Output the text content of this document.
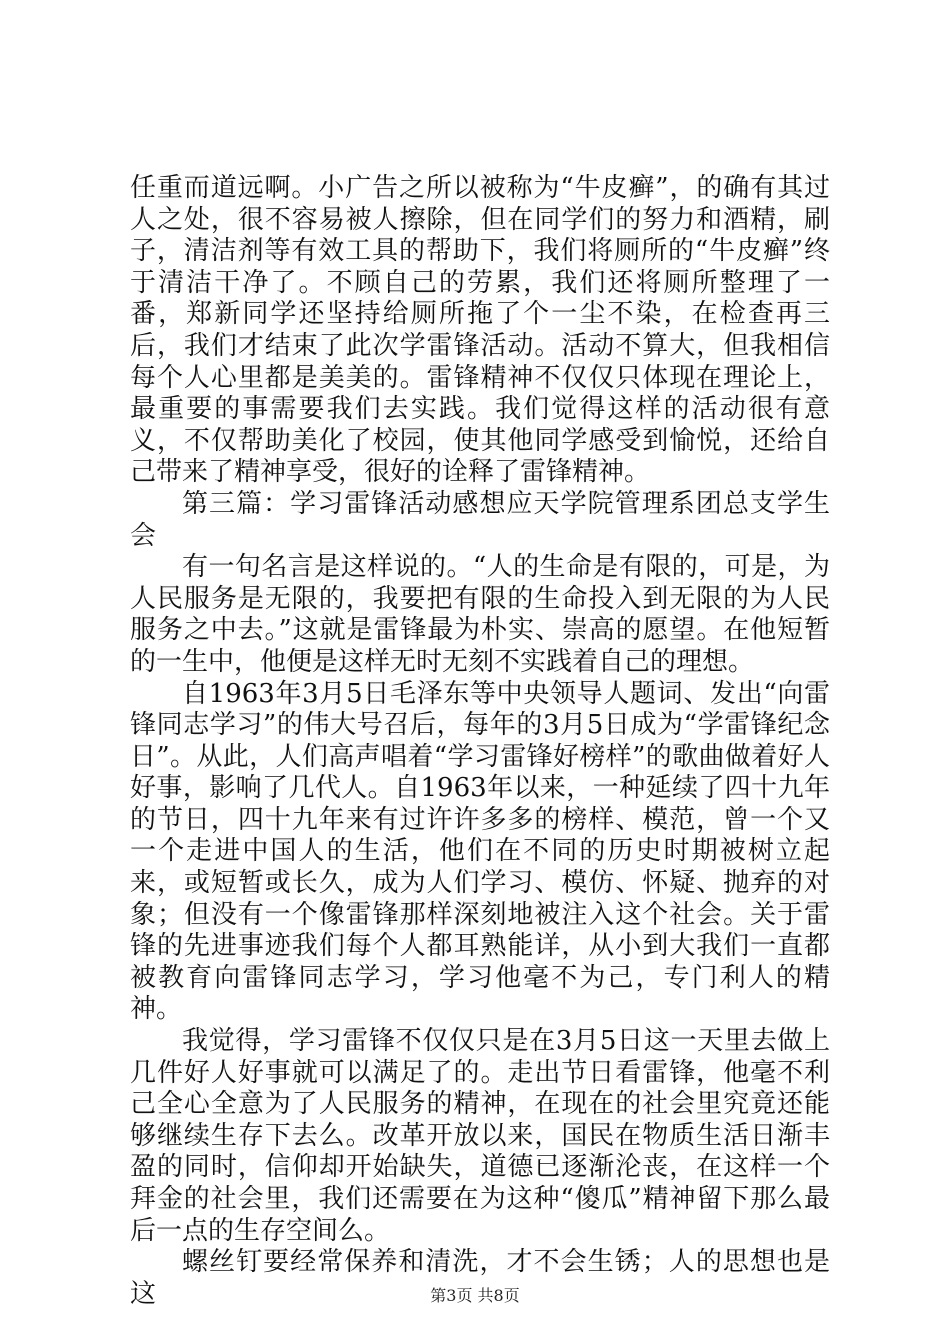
任重而道远啊。小广告之所以被称为“牛皮癣”，的确有其过人之处，很不容易被人擦除，但在同学们的努力和酒精，刷子，清洁剂等有效工具的帮助下，我们将厕所的“牛皮癣”终于清洁干净了。不顾自己的劳累，我们还将厕所整理了一番，郑新同学还坚持给厕所拖了个一尘不染，在检查再三后，我们才结束了此次学雷锋活动。活动不算大，但我相信每个人心里都是美美的。雷锋精神不仅仅只体现在理论上，最重要的事需要我们去实践。我们觉得这样的活动很有意义，不仅帮助美化了校园，使其他同学感受到愉悦，还给自己带来了精神享受，很好的诠释了雷锋精神。

第三篇：学习雷锋活动感想应天学院管理系团总支学生会

有一句名言是这样说的。“人的生命是有限的，可是，为人民服务是无限的，我要把有限的生命投入到无限的为人民服务之中去。”这就是雷锋最为朴实、崇高的愿望。在他短暂的一生中，他便是这样无时无刻不实践着自己的理想。

自1963年3月5日毛泽东等中央领导人题词、发出“向雷锋同志学习”的伟大号召后，每年的3月5日成为“学雷锋纪念日”。从此，人们高声唱着“学习雷锋好榜样”的歌曲做着好人好事，影响了几代人。自1963年以来，一种延续了四十九年的节日，四十九年来有过许许多多的榜样、模范，曾一个又一个走进中国人的生活，他们在不同的历史时期被树立起来，或短暂或长久，成为人们学习、模仿、怀疑、抛弃的对象；但没有一个像雷锋那样深刻地被注入这个社会。关于雷锋的先进事迹我们每个人都耳熟能详，从小到大我们一直都被教育向雷锋同志学习，学习他毫不为己，专门利人的精神。

我觉得，学习雷锋不仅仅只是在3月5日这一天里去做上几件好人好事就可以满足了的。走出节日看雷锋，他毫不利己全心全意为了人民服务的精神，在现在的社会里究竟还能够继续生存下去么。改革开放以来，国民在物质生活日渐丰盈的同时，信仰却开始缺失，道德已逐渐沦丧，在这样一个拜金的社会里，我们还需要在为这种“傻瓜”精神留下那么最后一点的生存空间么。

螺丝钉要经常保养和清洗，才不会生锈；人的思想也是这	第3页 共8页
